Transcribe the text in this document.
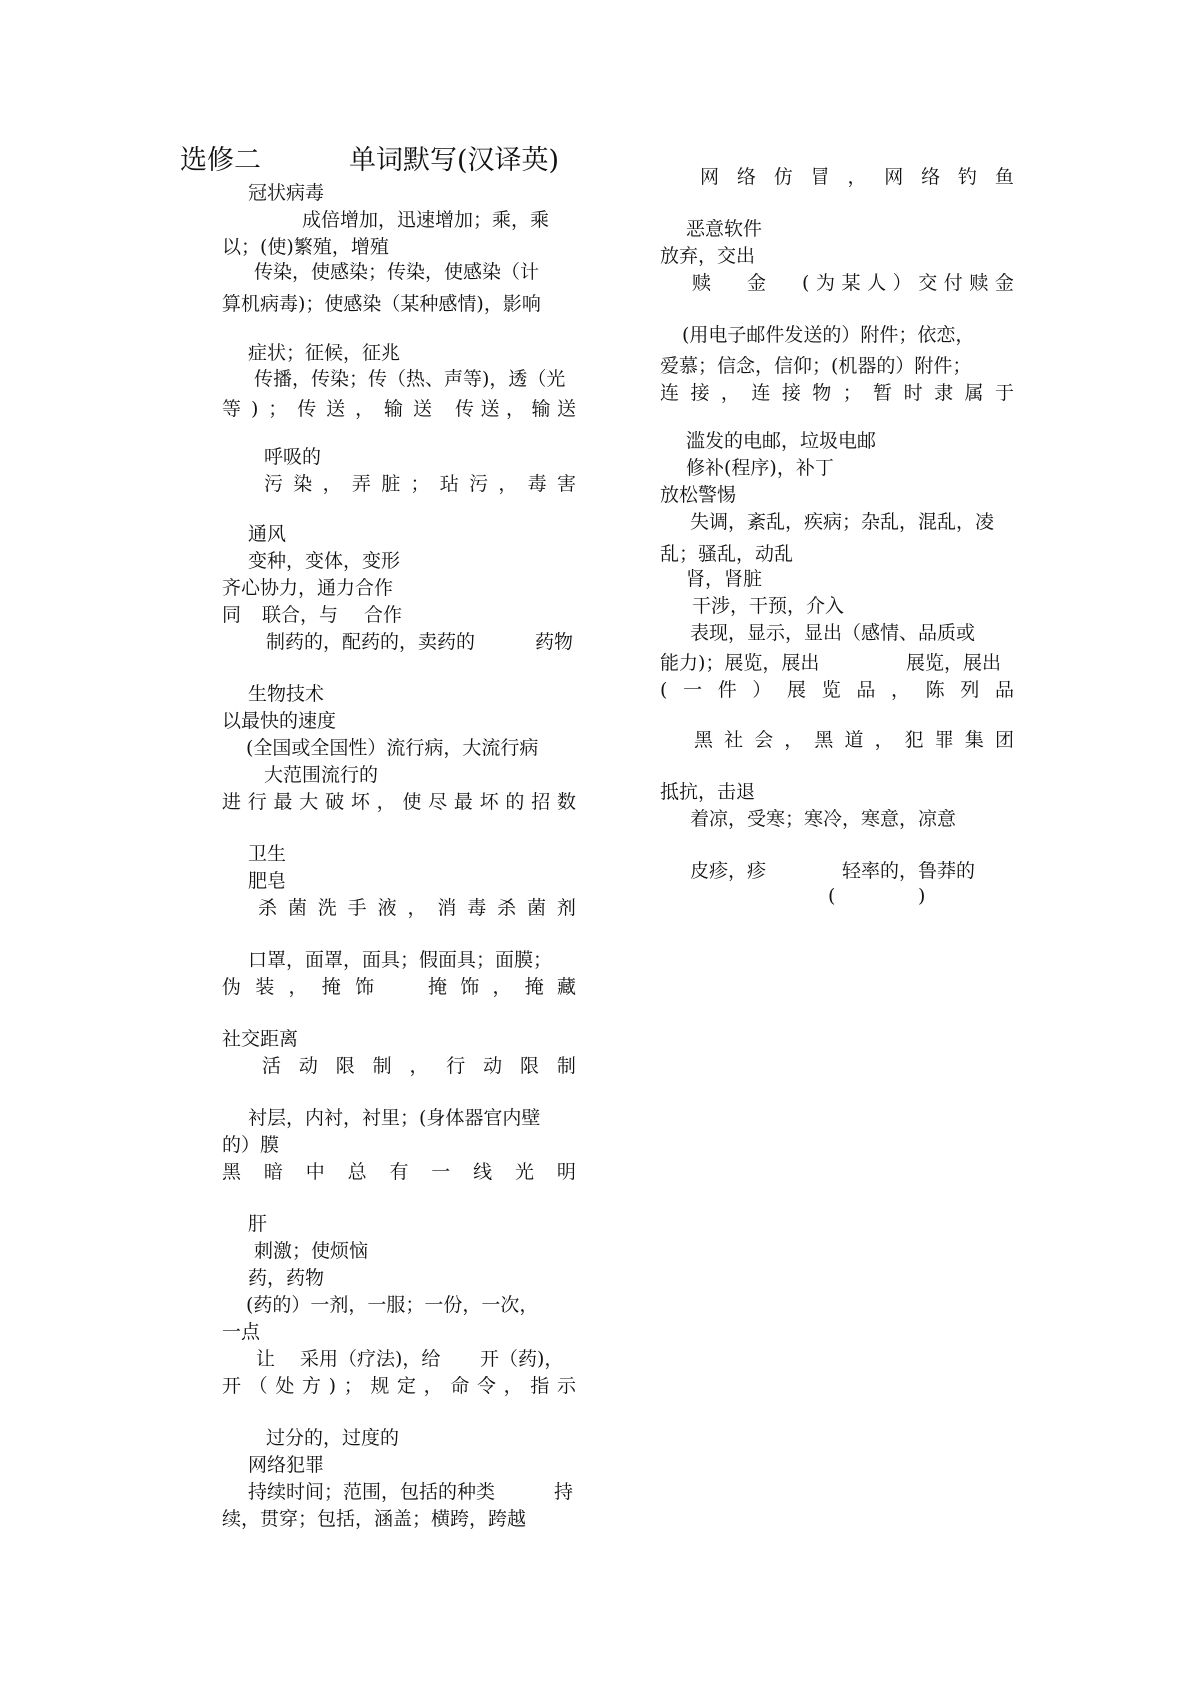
选修二	单词默写(汉译英)
冠状病毒
成倍增加，迅速增加；乘，乘
以；(使)繁殖，增殖
传染，使感染；传染，使感染（计
算机病毒)；使感染（某种感情)，影响
症状；征候，征兆
传播，传染；传（热、声等)，透（光
等 ) ； 传 送 ， 输 送 传 送 ， 输 送
呼吸的
污 染 ， 弄 脏 ； 玷 污 ， 毒 害
通风
变种，变体，变形
齐心协力，通力合作
同 联合，与 合作
制药的，配药的，卖药的	药物
生物技术
以最快的速度
(全国或全国性）流行病，大流行病
大范围流行的
进 行 最 大 破 坏 ， 使 尽 最 坏 的 招 数
卫生
肥皂
杀 菌 洗 手 液 ， 消 毒 杀 菌 剂
口罩，面罩，面具；假面具；面膜；
伪 装 ， 掩 饰	掩 饰 ， 掩 藏
社交距离
活 动 限 制 ， 行 动 限 制
衬层，内衬，衬里；(身体器官内壁
的）膜
黑 暗 中 总 有 一 线 光 明
肝
刺激；使烦恼
药，药物
(药的）一剂，一服；一份，一次，
一点
让 采用（疗法)，给 开（药)，
开 （ 处 方 ) ； 规 定 ， 命 令 ， 指 示
过分的，过度的
网络犯罪
持续时间；范围，包括的种类	持
续，贯穿；包括，涵盖；横跨，跨越
网 络 仿 冒 ， 网 络 钓 鱼
恶意软件
放弃，交出
赎 金 ( 为 某 人 ） 交 付 赎 金
(用电子邮件发送的）附件；依恋，
爱慕；信念，信仰；(机器的）附件；
连 接 ， 连 接 物 ； 暂 时 隶 属 于
滥发的电邮，垃圾电邮
修补(程序)，补丁
放松警惕
失调，紊乱，疾病；杂乱，混乱，凌
乱；骚乱，动乱
肾，肾脏
干涉，干预，介入
表现，显示，显出（感情、品质或
能力)；展览，展出	展览，展出
( 一 件 ） 展 览 品 ， 陈 列 品
黑 社 会 ， 黑 道 ， 犯 罪 集 团
抵抗，击退
着凉，受寒；寒冷，寒意，凉意
皮疹，疹	轻率的，鲁莽的
(	)
